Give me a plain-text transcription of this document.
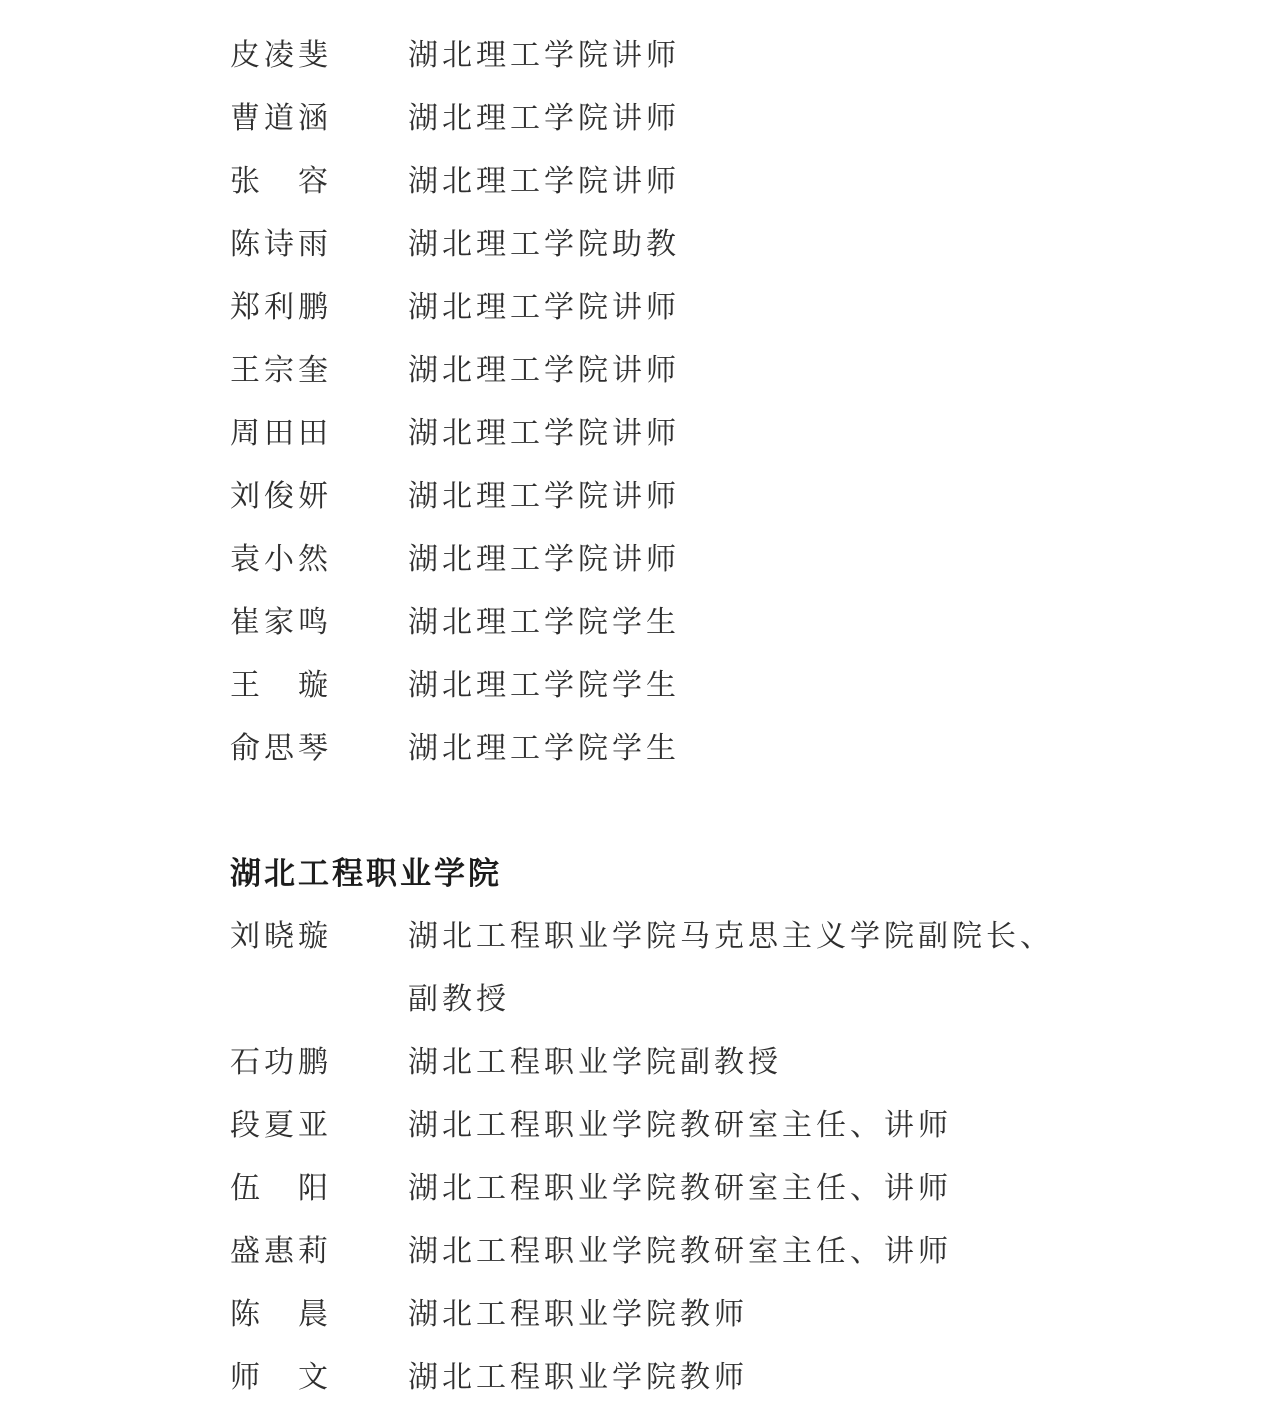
皮凌斐	湖北理工学院讲师
曹道涵	湖北理工学院讲师
张　容	湖北理工学院讲师
陈诗雨	湖北理工学院助教
郑利鹏	湖北理工学院讲师
王宗奎	湖北理工学院讲师
周田田	湖北理工学院讲师
刘俊妍	湖北理工学院讲师
袁小然	湖北理工学院讲师
崔家鸣	湖北理工学院学生
王　璇	湖北理工学院学生
俞思琴	湖北理工学院学生
湖北工程职业学院
刘晓璇	湖北工程职业学院马克思主义学院副院长、副教授
石功鹏	湖北工程职业学院副教授
段夏亚	湖北工程职业学院教研室主任、讲师
伍　阳	湖北工程职业学院教研室主任、讲师
盛惠莉	湖北工程职业学院教研室主任、讲师
陈　晨	湖北工程职业学院教师
师　文	湖北工程职业学院教师
